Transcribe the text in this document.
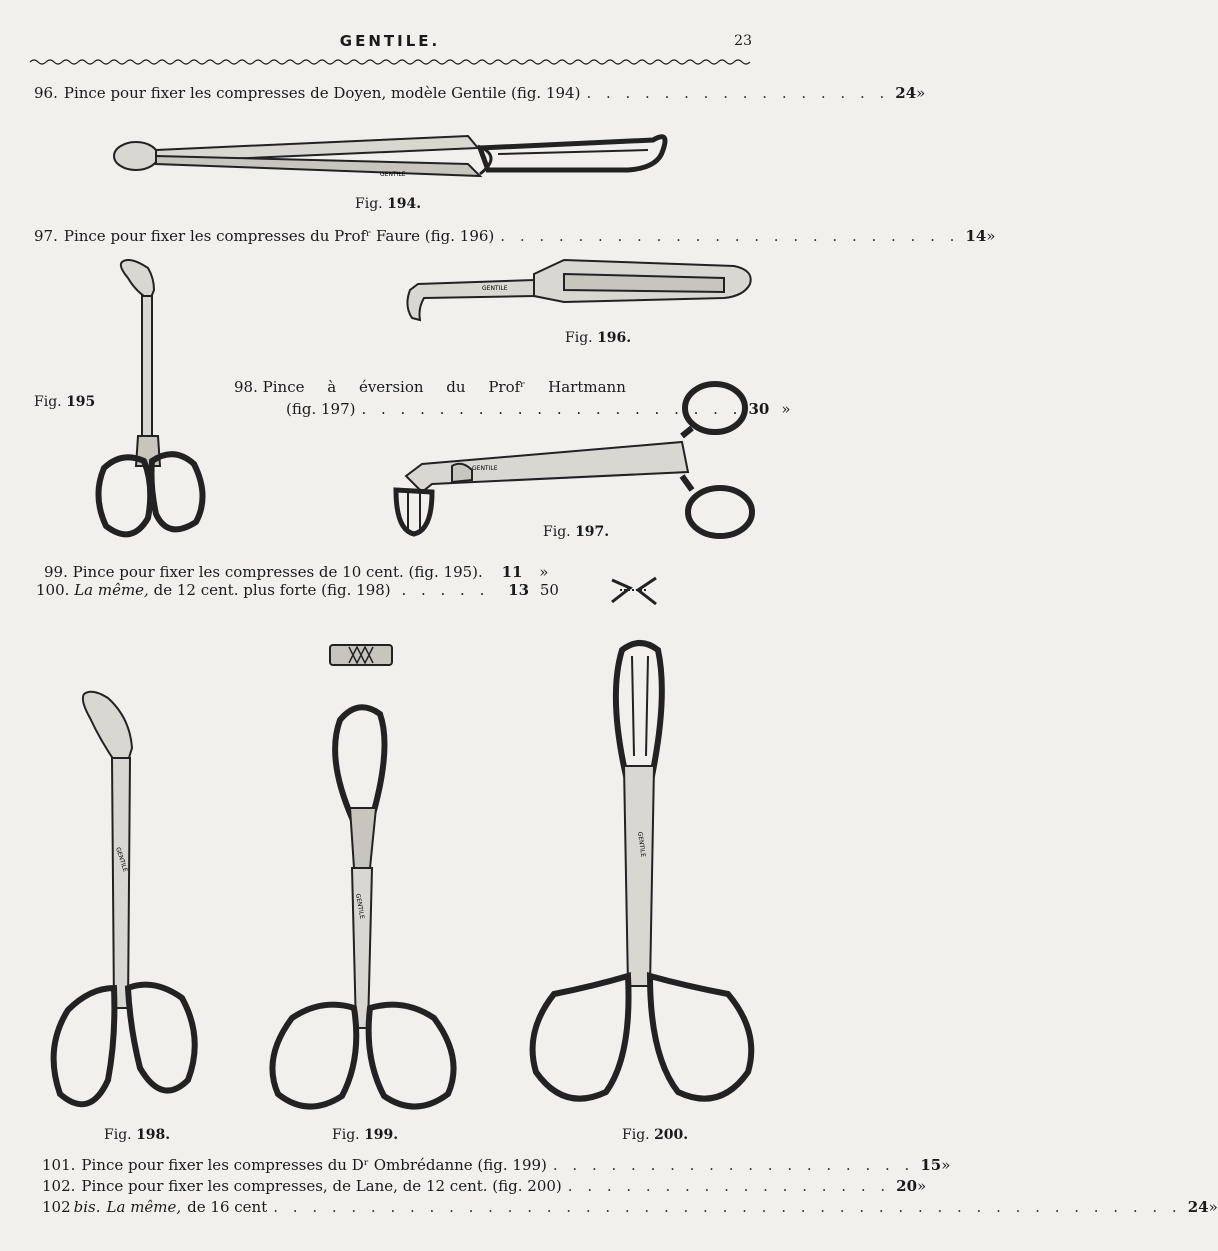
GENTILE.	23
96. Pince pour fixer les compresses de Doyen, modèle Gentile (fig. 194) . . . . . . . . . . . . . . . . 24 »
GENTILE
Fig. 194.
97. Pince pour fixer les compresses du Profʳ Faure (fig. 196) . . . . . . . . . . . . . . . . . . . . . . . . 14 »
Fig. 195
GENTILE
Fig. 196.
98. Pince à éversion du Profʳ Hartmann
(fig. 197) . . . . . . . . . . . . . . . . . . . . 30 »
GENTILE
Fig. 197.
99. Pince pour fixer les compresses de 10 cent. (fig. 195). 11 »
100. La même, de 12 cent. plus forte (fig. 198) . . . . . 13 50
GENTILE
Fig. 198.
GENTILE
Fig. 199.
GENTILE
Fig. 200.
101. Pince pour fixer les compresses du Dʳ Ombrédanne (fig. 199) . . . . . . . . . . . . . . . . . . . 15 »
102. Pince pour fixer les compresses, de Lane, de 12 cent. (fig. 200) . . . . . . . . . . . . . . . . . 20 »
102 bis. La même, de 16 cent . . . . . . . . . . . . . . . . . . . . . . . . . . . . . . . . . . . . . . . . . . . . . . . 24 »
